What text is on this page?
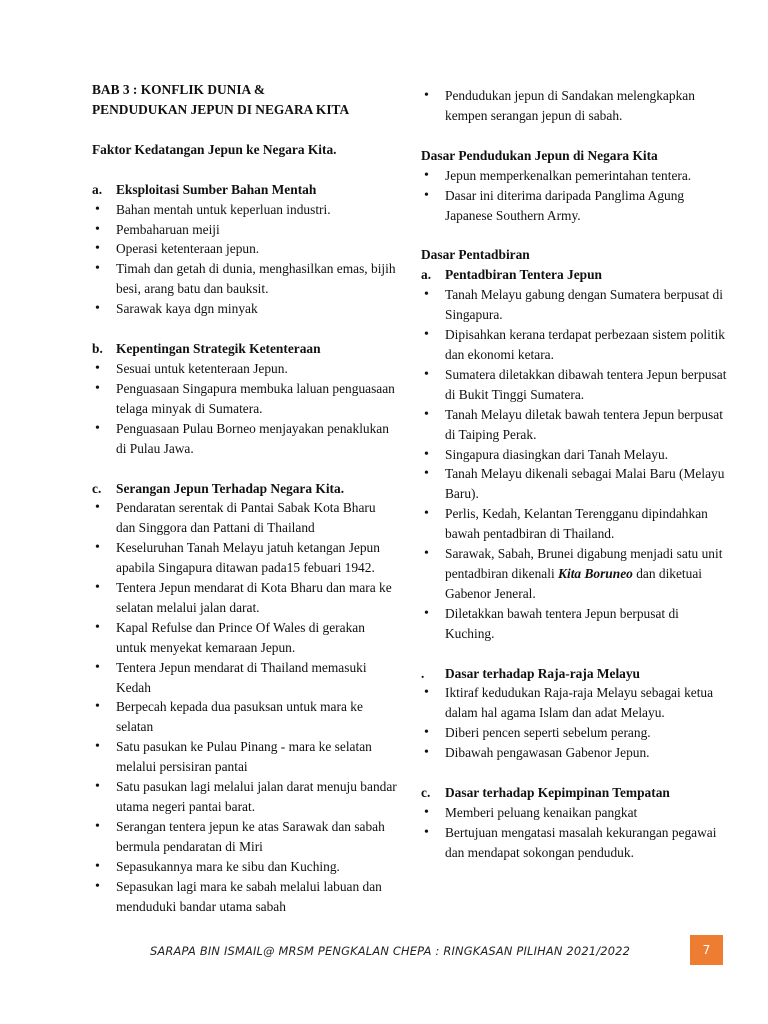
BAB 3 : KONFLIK DUNIA &
PENDUDUKAN JEPUN DI NEGARA KITA
Faktor Kedatangan Jepun ke Negara Kita.
a. Eksploitasi Sumber Bahan Mentah
• Bahan mentah untuk keperluan industri.
• Pembaharuan meiji
• Operasi ketenteraan jepun.
• Timah dan getah di dunia, menghasilkan emas, bijih besi, arang batu dan bauksit.
• Sarawak kaya dgn minyak
b. Kepentingan Strategik Ketenteraan
• Sesuai untuk ketenteraan Jepun.
• Penguasaan Singapura membuka laluan penguasaan telaga minyak di Sumatera.
• Penguasaan Pulau Borneo menjayakan penaklukan di Pulau Jawa.
c. Serangan Jepun Terhadap Negara Kita.
• Pendaratan serentak di Pantai Sabak Kota Bharu dan Singgora dan Pattani di Thailand
• Keseluruhan Tanah Melayu jatuh ketangan Jepun apabila Singapura ditawan pada15 febuari 1942.
• Tentera Jepun mendarat di Kota Bharu dan mara ke selatan melalui jalan darat.
• Kapal Refulse dan Prince Of Wales di gerakan untuk menyekat kemaraan Jepun.
• Tentera Jepun mendarat di Thailand memasuki Kedah
• Berpecah kepada dua pasuksan untuk mara ke selatan
• Satu pasukan ke Pulau Pinang - mara ke selatan melalui persisiran pantai
• Satu pasukan lagi melalui jalan darat menuju bandar utama negeri pantai barat.
• Serangan tentera jepun ke atas Sarawak dan sabah bermula pendaratan di Miri
• Sepasukannya mara ke sibu dan Kuching.
• Sepasukan lagi mara ke sabah melalui labuan dan menduduki bandar utama sabah
• Pendudukan jepun di Sandakan melengkapkan kempen serangan jepun di sabah.
Dasar Pendudukan Jepun di Negara Kita
• Jepun memperkenalkan pemerintahan tentera.
• Dasar ini diterima daripada Panglima Agung Japanese Southern Army.
Dasar Pentadbiran
a. Pentadbiran Tentera Jepun
• Tanah Melayu gabung dengan Sumatera berpusat di Singapura.
• Dipisahkan kerana terdapat perbezaan sistem politik dan ekonomi ketara.
• Sumatera diletakkan dibawah tentera Jepun berpusat di Bukit Tinggi Sumatera.
• Tanah Melayu diletak bawah tentera Jepun berpusat di Taiping Perak.
• Singapura diasingkan dari Tanah Melayu.
• Tanah Melayu dikenali sebagai Malai Baru (Melayu Baru).
• Perlis, Kedah, Kelantan Terengganu dipindahkan bawah pentadbiran di Thailand.
• Sarawak, Sabah, Brunei digabung menjadi satu unit pentadbiran dikenali Kita Boruneo dan diketuai Gabenor Jeneral.
• Diletakkan bawah tentera Jepun berpusat di Kuching.
. Dasar terhadap Raja-raja Melayu
• Iktiraf kedudukan Raja-raja Melayu sebagai ketua dalam hal agama Islam dan adat Melayu.
• Diberi pencen seperti sebelum perang.
• Dibawah pengawasan Gabenor Jepun.
c. Dasar terhadap Kepimpinan Tempatan
• Memberi peluang kenaikan pangkat
• Bertujuan mengatasi masalah kekurangan pegawai dan mendapat sokongan penduduk.
SARAPA BIN ISMAIL@ MRSM PENGKALAN CHEPA : RINGKASAN PILIHAN 2021/2022	7
